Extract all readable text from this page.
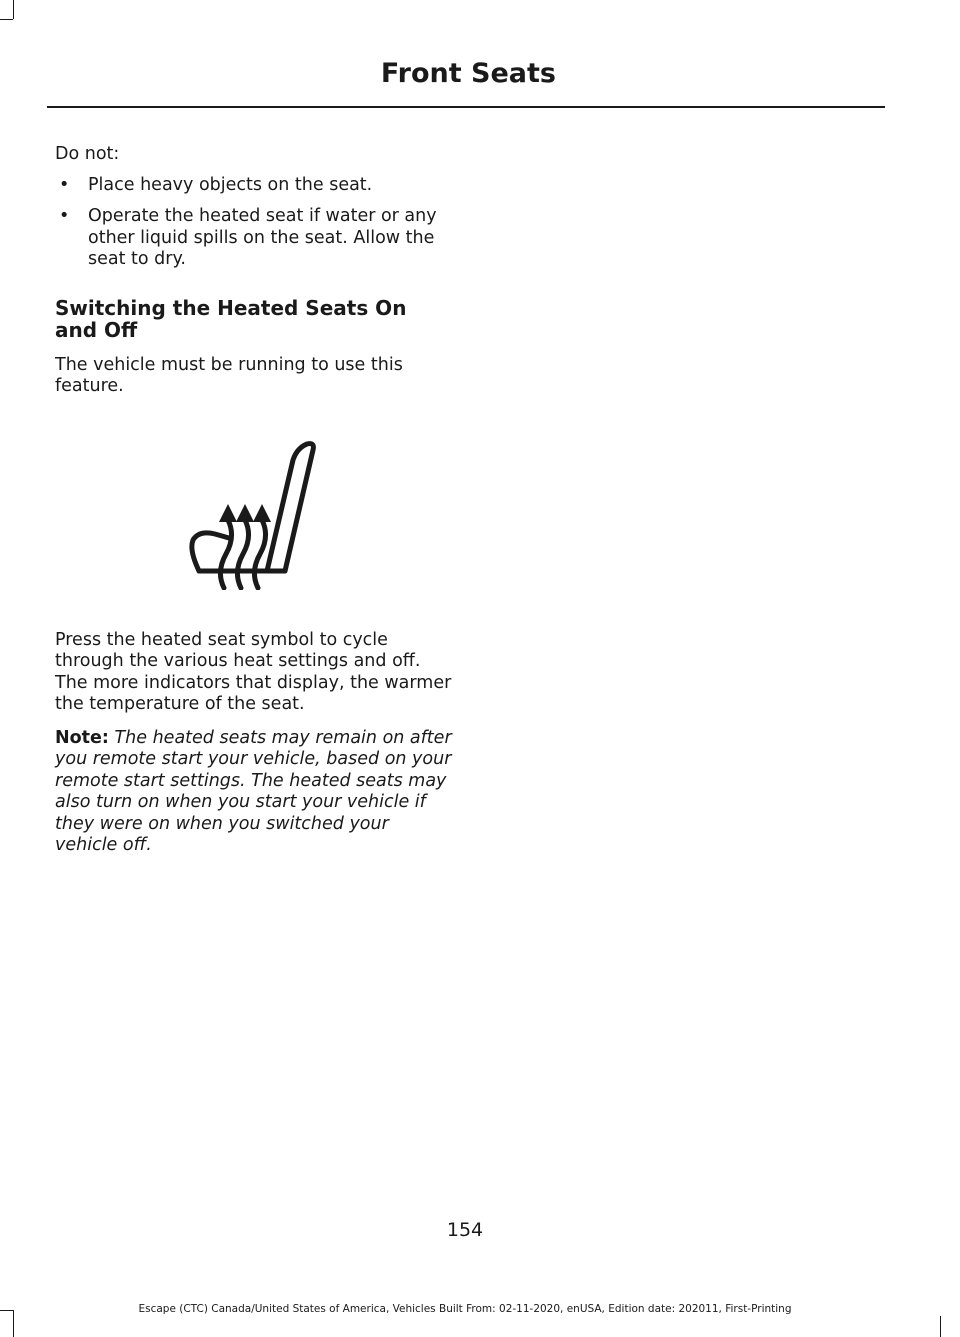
Front Seats

Do not:

• Place heavy objects on the seat.
• Operate the heated seat if water or any other liquid spills on the seat. Allow the seat to dry.
Switching the Heated Seats On and Off

The vehicle must be running to use this feature.

Press the heated seat symbol to cycle through the various heat settings and off. The more indicators that display, the warmer the temperature of the seat.

Note: The heated seats may remain on after you remote start your vehicle, based on your remote start settings. The heated seats may also turn on when you start your vehicle if they were on when you switched your vehicle off.

154
Escape (CTC) Canada/United States of America, Vehicles Built From: 02-11-2020, enUSA, Edition date: 202011, First-Printing
